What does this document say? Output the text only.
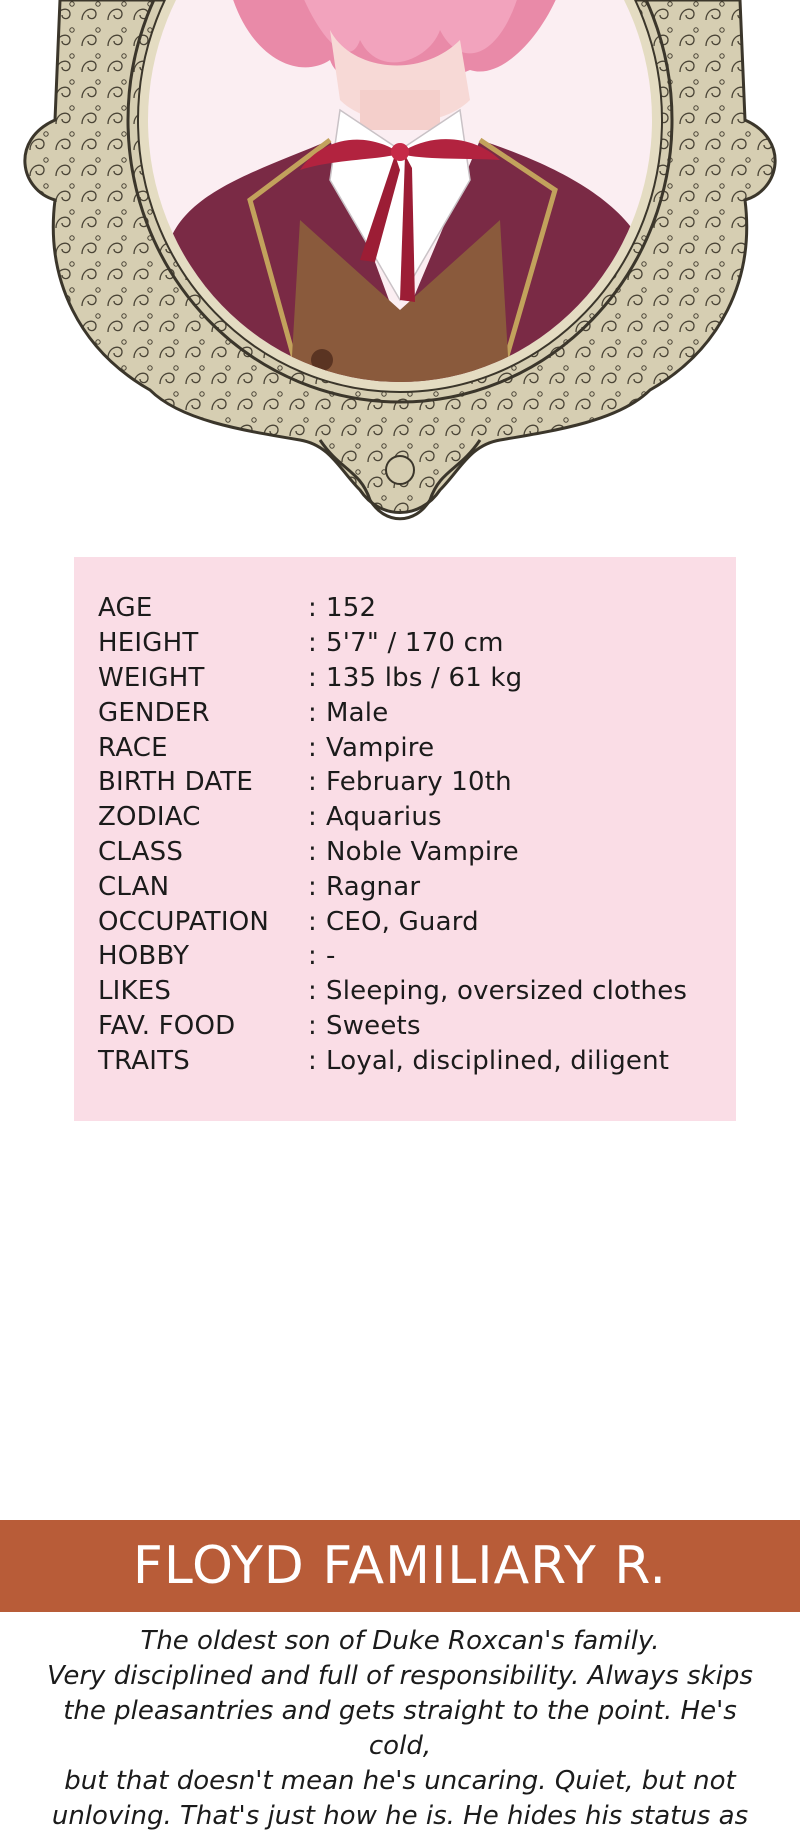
AGE	: 152
HEIGHT	: 5'7" / 170 cm
WEIGHT	: 135 lbs / 61 kg
GENDER	: Male
RACE	: Vampire
BIRTH DATE	: February 10th
ZODIAC	: Aquarius
CLASS	: Noble Vampire
CLAN	: Ragnar
OCCUPATION	: CEO, Guard
HOBBY	: -
LIKES	: Sleeping, oversized clothes
FAV. FOOD	: Sweets
TRAITS	: Loyal, disciplined, diligent
FLOYD FAMILIARY R.

The oldest son of Duke Roxcan's family.

Very disciplined and full of responsibility. Always skips

the pleasantries and gets straight to the point. He's cold,

but that doesn't mean he's uncaring. Quiet, but not

unloving. That's just how he is. He hides his status as
